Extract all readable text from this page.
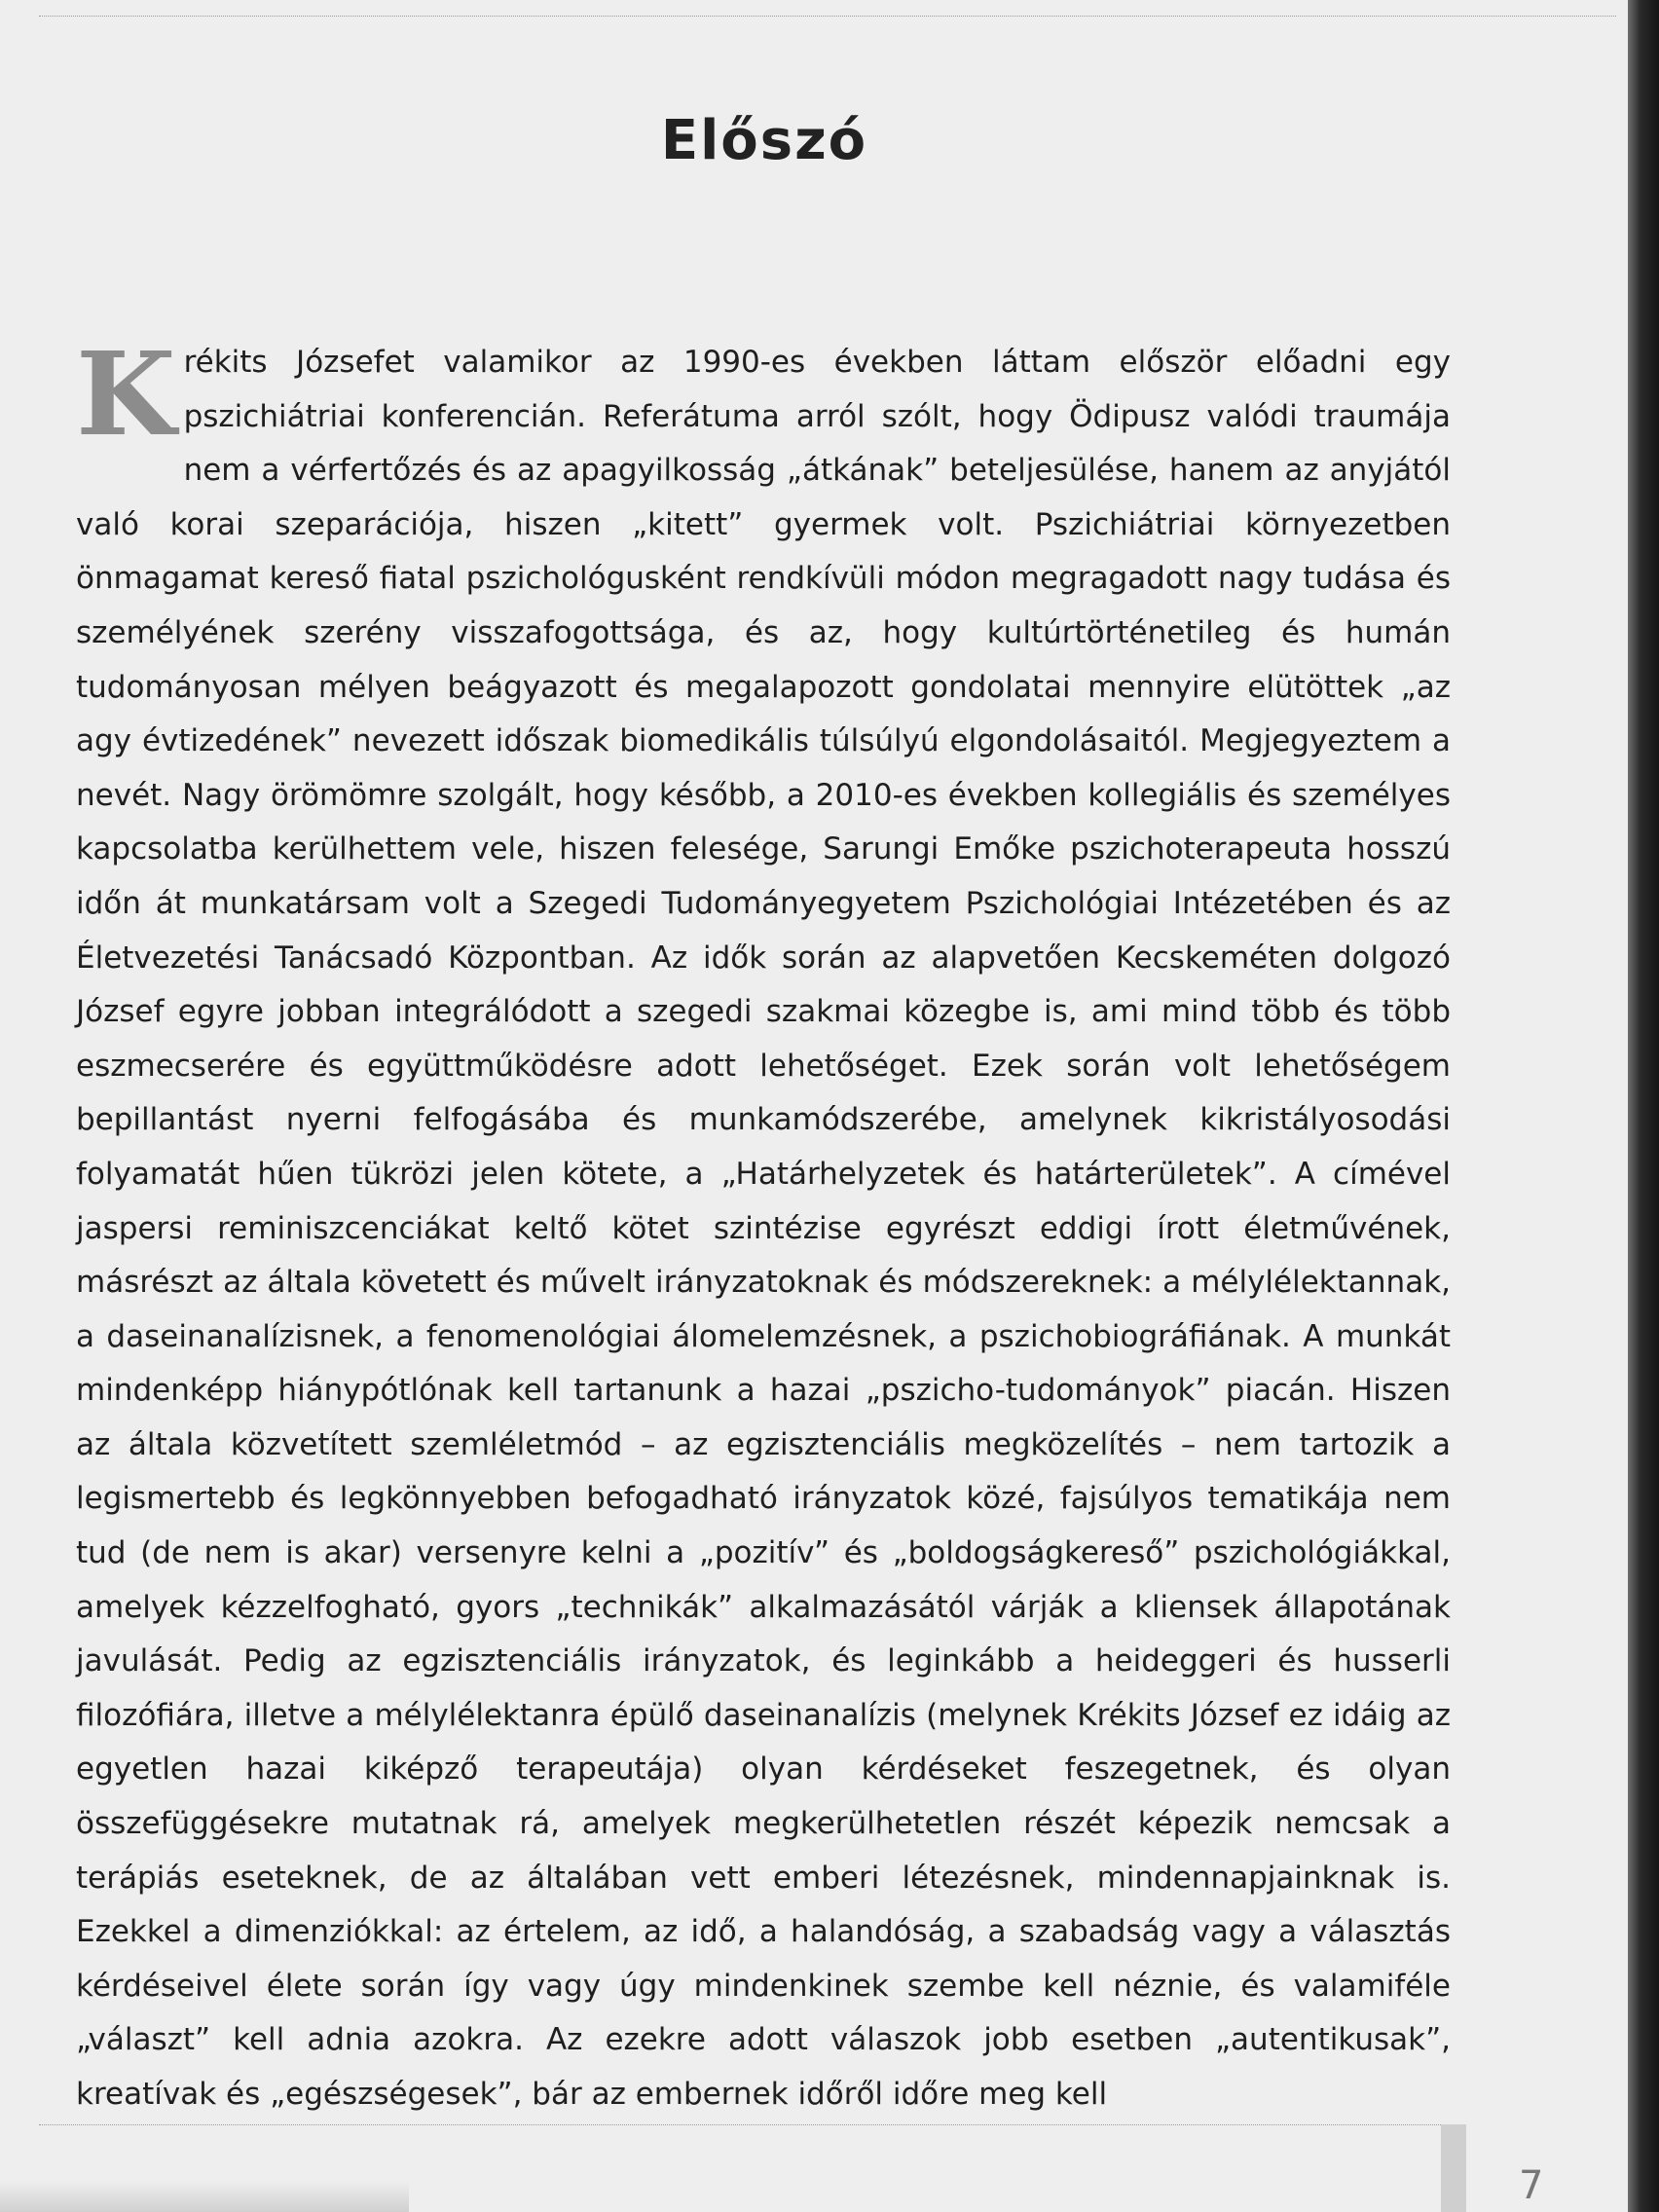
Előszó
Krékits Józsefet valamikor az 1990-es években láttam először előadni egy pszichiátriai konferencián. Referátuma arról szólt, hogy Ödipusz valódi traumája nem a vérfertőzés és az apagyilkosság „átkának” beteljesülése, hanem az anyjától való korai szeparációja, hiszen „kitett” gyermek volt. Pszichiátriai környezetben önmagamat kereső fiatal pszichológusként rendkívüli módon megragadott nagy tudása és személyének szerény visszafogottsága, és az, hogy kultúrtörténetileg és humán tudományosan mélyen beágyazott és megalapozott gondolatai mennyire elütöttek „az agy évtizedének” nevezett időszak biomedikális túlsúlyú elgondolásaitól. Megjegyeztem a nevét. Nagy örömömre szolgált, hogy később, a 2010-es években kollegiális és személyes kapcsolatba kerülhettem vele, hiszen felesége, Sarungi Emőke pszichoterapeuta hosszú időn át munkatársam volt a Szegedi Tudományegyetem Pszichológiai Intézetében és az Életvezetési Tanácsadó Központban. Az idők során az alapvetően Kecskeméten dolgozó József egyre jobban integrálódott a szegedi szakmai közegbe is, ami mind több és több eszmecserére és együttműködésre adott lehetőséget. Ezek során volt lehetőségem bepillantást nyerni felfogásába és munkamódszerébe, amelynek kikristályosodási folyamatát hűen tükrözi jelen kötete, a „Határhelyzetek és határterületek”. A címével jaspersi reminiszcenciákat keltő kötet szintézise egyrészt eddigi írott életművének, másrészt az általa követett és művelt irányzatoknak és módszereknek: a mélylélektannak, a daseinanalízisnek, a fenomenológiai álomelemzésnek, a pszichobiográfiának. A munkát mindenképp hiánypótlónak kell tartanunk a hazai „pszicho-tudományok” piacán. Hiszen az általa közvetített szemléletmód – az egzisztenciális megközelítés – nem tartozik a legismertebb és legkönnyebben befogadható irányzatok közé, fajsúlyos tematikája nem tud (de nem is akar) versenyre kelni a „pozitív” és „boldogságkereső” pszichológiákkal, amelyek kézzelfogható, gyors „technikák” alkalmazásától várják a kliensek állapotának javulását. Pedig az egzisztenciális irányzatok, és leginkább a heideggeri és husserli filozófiára, illetve a mélylélektanra épülő daseinanalízis (melynek Krékits József ez idáig az egyetlen hazai kiképző terapeutája) olyan kérdéseket feszegetnek, és olyan összefüggésekre mutatnak rá, amelyek megkerülhetetlen részét képezik nemcsak a terápiás eseteknek, de az általában vett emberi létezésnek, mindennapjainknak is. Ezekkel a dimenziókkal: az értelem, az idő, a halandóság, a szabadság vagy a választás kérdéseivel élete során így vagy úgy mindenkinek szembe kell néznie, és valamiféle „választ” kell adnia azokra. Az ezekre adott válaszok jobb esetben „autentikusak”, kreatívak és „egészségesek”, bár az embernek időről időre meg kell
7
